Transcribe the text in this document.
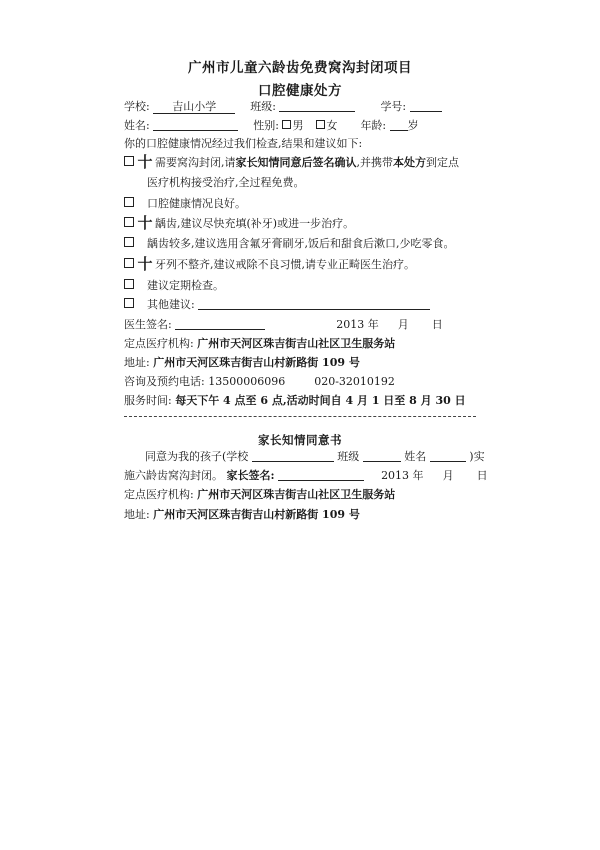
广州市儿童六龄齿免费窝沟封闭项目
口腔健康处方
学校: 吉山小学	班级:	学号:
姓名:	性别: 男 女 年龄: 岁
你的口腔健康情况经过我们检查,结果和建议如下:
十 需要窝沟封闭,请家长知情同意后签名确认,并携带本处方到定点
医疗机构接受治疗,全过程免费。
口腔健康情况良好。
十 龋齿,建议尽快充填(补牙)或进一步治疗。
龋齿较多,建议选用含氟牙膏刷牙,饭后和甜食后漱口,少吃零食。
十 牙列不整齐,建议戒除不良习惯,请专业正畸医生治疗。
建议定期检查。
其他建议:
医生签名:	2013 年 月 日
定点医疗机构: 广州市天河区珠吉街吉山社区卫生服务站
地址: 广州市天河区珠吉街吉山村新路街 109 号
咨询及预约电话: 13500006096	020-32010192
服务时间: 每天下午 4 点至 6 点,活动时间自 4 月 1 日至 8 月 30 日
家长知情同意书
同意为我的孩子(学校	班级	姓名	)实
施六龄齿窝沟封闭。 家长签名:	2013 年 月 日
定点医疗机构: 广州市天河区珠吉街吉山社区卫生服务站
地址: 广州市天河区珠吉街吉山村新路街 109 号
